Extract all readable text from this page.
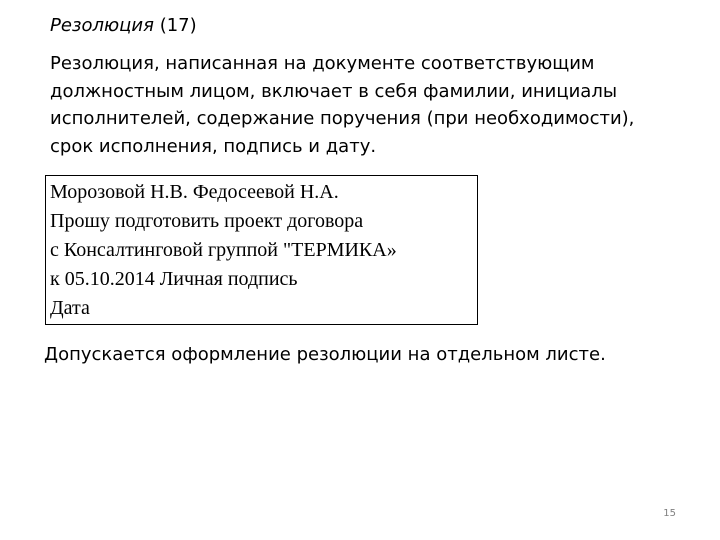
Резолюция (17)
Резолюция, написанная на документе соответствующим
должностным лицом, включает в себя фамилии, инициалы
исполнителей, содержание поручения (при необходимости),
срок исполнения, подпись и дату.
Морозовой Н.В. Федосеевой Н.А.
Прошу подготовить проект договора
с Консалтинговой группой "ТЕРМИКА»
к 05.10.2014 Личная подпись
Дата
Допускается оформление резолюции на отдельном листе.
15
